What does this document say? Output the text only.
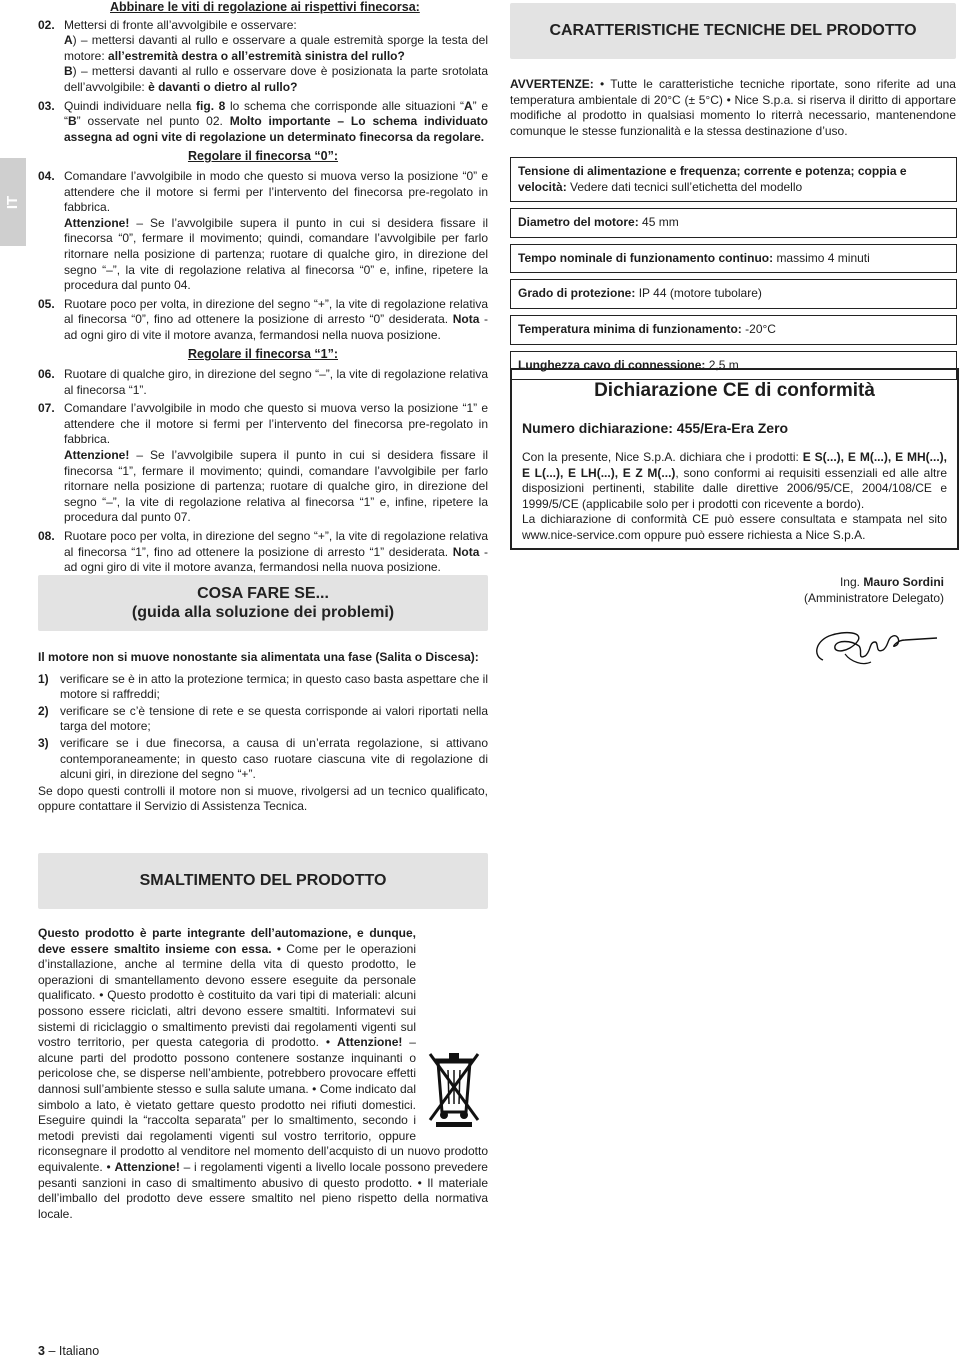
IT

Abbinare le viti di regolazione ai rispettivi finecorsa:

02. Mettersi di fronte all’avvolgibile e osservare:
A) – mettersi davanti al rullo e osservare a quale estremità sporge la testa del motore: all’estremità destra o all’estremità sinistra del rullo?
B) – mettersi davanti al rullo e osservare dove è posizionata la parte srotolata dell’avvolgibile: è davanti o dietro al rullo?
03. Quindi individuare nella fig. 8 lo schema che corrisponde alle situazioni “A” e “B” osservate nel punto 02. Molto importante – Lo schema individuato assegna ad ogni vite di regolazione un determinato finecorsa da regolare.

Regolare il finecorsa “0”:

04. Comandare l’avvolgibile in modo che questo si muova verso la posizione “0” e attendere che il motore si fermi per l’intervento del finecorsa pre-regolato in fabbrica.
Attenzione! – Se l’avvolgibile supera il punto in cui si desidera fissare il finecorsa “0”, fermare il movimento; quindi, comandare l’avvolgibile per farlo ritornare nella posizione di partenza; ruotare di qualche giro, in direzione del segno “–”, la vite di regolazione relativa al finecorsa “0” e, infine, ripetere la procedura dal punto 04.
05. Ruotare poco per volta, in direzione del segno “+”, la vite di regolazione relativa al finecorsa “0”, fino ad ottenere la posizione di arresto “0” desiderata. Nota - ad ogni giro di vite il motore avanza, fermandosi nella nuova posizione.

Regolare il finecorsa “1”:

06. Ruotare di qualche giro, in direzione del segno “–”, la vite di regolazione relativa al finecorsa “1”.
07. Comandare l’avvolgibile in modo che questo si muova verso la posizione “1” e attendere che il motore si fermi per l’intervento del finecorsa pre-regolato in fabbrica.
Attenzione! – Se l’avvolgibile supera il punto in cui si desidera fissare il finecorsa “1”, fermare il movimento; quindi, comandare l’avvolgibile per farlo ritornare nella posizione di partenza; ruotare di qualche giro, in direzione del segno “–”, la vite di regolazione relativa al finecorsa “1” e, infine, ripetere la procedura dal punto 07.
08. Ruotare poco per volta, in direzione del segno “+”, la vite di regolazione relativa al finecorsa “1”, fino ad ottenere la posizione di arresto “1” desiderata. Nota - ad ogni giro di vite il motore avanza, fermandosi nella nuova posizione.
COSA FARE SE...
(guida alla soluzione dei problemi)

Il motore non si muove nonostante sia alimentata una fase (Salita o Discesa):

1) verificare se è in atto la protezione termica; in questo caso basta aspettare che il motore si raffreddi;
2) verificare se c’è tensione di rete e se questa corrisponde ai valori riportati nella targa del motore;
3) verificare se i due finecorsa, a causa di un’errata regolazione, si attivano contemporaneamente; in questo caso ruotare ciascuna vite di regolazione di alcuni giri, in direzione del segno “+”.

Se dopo questi controlli il motore non si muove, rivolgersi ad un tecnico qualificato, oppure contattare il Servizio di Assistenza Tecnica.

SMALTIMENTO DEL PRODOTTO
Questo prodotto è parte integrante dell’automazione, e dunque, deve essere smaltito insieme con essa. • Come per le operazioni d’installazione, anche al termine della vita di questo prodotto, le operazioni di smantellamento devono essere eseguite da personale qualificato. • Questo prodotto è costituito da vari tipi di materiali: alcuni possono essere riciclati, altri devono essere smaltiti. Informatevi sui sistemi di riciclaggio o smaltimento previsti dai regolamenti vigenti sul vostro territorio, per questa categoria di prodotto. • Attenzione! – alcune parti del prodotto possono contenere sostanze inquinanti o pericolose che, se disperse nell’ambiente, potrebbero provocare effetti dannosi sull’ambiente stesso e sulla salute umana. • Come indicato dal simbolo a lato, è vietato gettare questo prodotto nei rifiuti domestici. Eseguire quindi la “raccolta separata” per lo smaltimento, secondo i metodi previsti dai regolamenti vigenti sul vostro territorio, oppure riconsegnare il prodotto al venditore nel momento dell’acquisto di un nuovo prodotto equivalente. • Attenzione! – i regolamenti vigenti a livello locale possono prevedere pesanti sanzioni in caso di smaltimento abusivo di questo prodotto. • Il materiale dell’imballo del prodotto deve essere smaltito nel pieno rispetto della normativa locale.
CARATTERISTICHE TECNICHE DEL PRODOTTO
AVVERTENZE: • Tutte le caratteristiche tecniche riportate, sono riferite ad una temperatura ambientale di 20°C (± 5°C) • Nice S.p.a. si riserva il diritto di apportare modifiche al prodotto in qualsiasi momento lo riterrà necessario, mantenendone comunque le stesse funzionalità e la stessa destinazione d’uso.
Tensione di alimentazione e frequenza; corrente e potenza; coppia e velocità: Vedere dati tecnici sull’etichetta del modello
Diametro del motore: 45 mm
Tempo nominale di funzionamento continuo: massimo 4 minuti
Grado di protezione: IP 44 (motore tubolare)
Temperatura minima di funzionamento: -20°C
Lunghezza cavo di connessione: 2,5 m
Dichiarazione CE di conformità
Numero dichiarazione: 455/Era-Era Zero
Con la presente, Nice S.p.A. dichiara che i prodotti: E S(...), E M(...), E MH(...), E L(...), E LH(...), E Z M(...), sono conformi ai requisiti essenziali ed alle altre disposizioni pertinenti, stabilite dalle direttive 2006/95/CE, 2004/108/CE e 1999/5/CE (applicabile solo per i prodotti con ricevente a bordo).
La dichiarazione di conformità CE può essere consultata e stampata nel sito www.nice-service.com oppure può essere richiesta a Nice S.p.A.
Ing. Mauro Sordini
(Amministratore Delegato)
3 – Italiano
